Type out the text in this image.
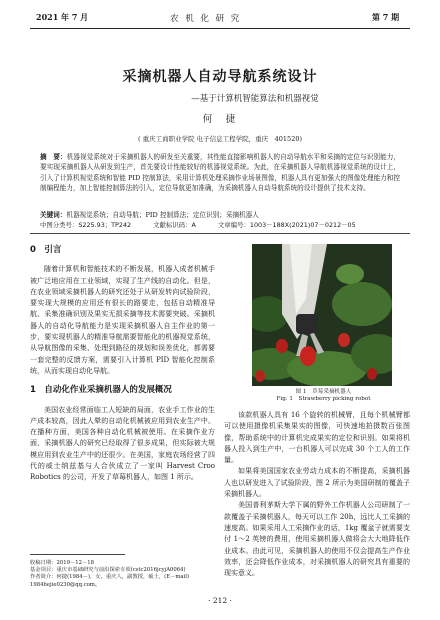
2021 年 7 月	农 机 化 研 究	第 7 期
采摘机器人自动导航系统设计
—基于计算机智能算法和机器视觉
何　捷
( 重庆工商职业学院 电子信息工程学院，重庆　401520)
摘　要：机器视觉系统对于采摘机器人的研发至关重要，其性能直接影响机器人的自动导航水平和采摘的定位与识别能力，要实现采摘机器人从研发到生产，首先要设计性能较好的机器视觉系统。为此，在采摘机器人导航机器视觉系统的设计上，引入了计算机视觉系统和智能 PID 控制算法，采用计算机处理采摘作业场景图像，机器人具有更加强大的图像处理能力和控制编程能力，加上智能控制算法的引入，定位导航更加准确，为采摘机器人自动导航系统的设计提供了技术支持。
关键词：机器视觉系统；自动导航；PID 控制算法；定位识别；采摘机器人
中图分类号：S225.93；TP242	文献标识码：A	文章编号：1003－188X(2021)07－0212－05
0　引言

随着计算机和智能技术的不断发展，机器人成者机械手被广泛地应用在工业领域，实现了生产线的自动化。但是，在农业领域采摘机器人的研究还处于从研发转向试验阶段，要实现大规模的应用还有很长的路要走，包括自动精准导航、采集准确识别及果实无损采摘等技术需要突破。采摘机器人的自动化导航能力是实现采摘机器人自主作业的第一步，要实现机器人的精准导航需要智能化的机器视觉系统，从导航图像的采集、处理到路径的规划和误差优化，都需要一套完整的反馈方案，需要引入计算机 PID 智能化控制系统，从而实现自动化导航。

1　自动化作业采摘机器人的发展概况

美国农业经常面临工人短缺的局面，农业手工作业的生产成本较高，因此人晕的自动化机械被应用到农业生产中。在播种方面，美国各种自动化机械被使用。在采摘作业方面，采摘机器人的研究已经取得了很多成果，但实际被大规模应用到农业生产中的还很少。在美国，家庭农场经营了四代的威士纳兹基与人合伙成立了一家叫 Harvest Croo Robotics 的公司，开发了草莓机器人，如图 1 所示。

图 1　草莓采摘机器人
Fig. 1　Strawberry picking robot

该款机器人具有 16 个旋转的机械臂，且每个机械臂都可以使用摄像机采集果实的图像，可快速地拍摄数百张图像，帮助系统中的计算机完成果实的定位和识别。如果将机器人投入到生产中，一台机器人可以完成 30 个工人的工作量。

如果将美国国家农业劳动力成本的不断提高，采摘机器人也以研发进入了试验阶段，图 2 所示为美国研制的覆盖子采摘机器人。

美国普利茅斯大学下属的野外工作机器人公司研制了一款覆盖子采摘机器人，每天可以工作 20h，远比人工采摘的速度高。如果采用人工采摘作业的话，1kg 覆盆子就需要支付 1～2 英镑的费用，使用采摘机器人做将会大大地降低作业成本。由此可见，采摘机器人的使用不仅会提高生产作业效率，还会降低作业成本，对采摘机器人的研究具有重要的现实意义。

收稿日期：2019－12－18
基金项目：重庆市基础研究与前沿探索专项(cstc2016jcyjA0064)
作者简介：何捷(1984－)，女，重庆人，副教授，硕士，(E－mail) 1984hejie0230@qq.com。
· 212 ·
